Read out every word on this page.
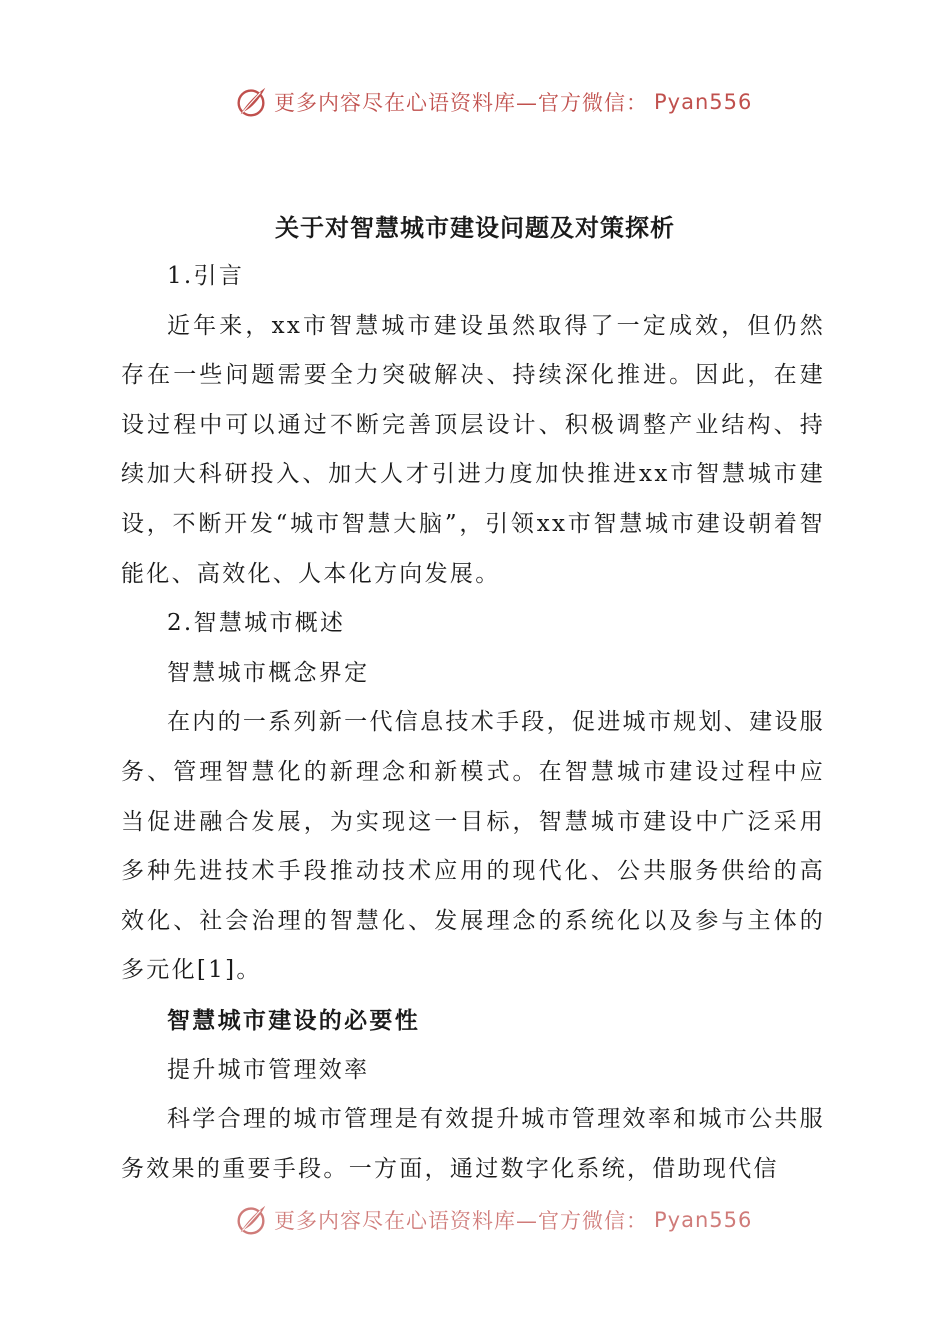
更多内容尽在心语资料库—官方微信： Pyan556
关于对智慧城市建设问题及对策探析

1.引言

近年来，xx市智慧城市建设虽然取得了一定成效，但仍然存在一些问题需要全力突破解决、持续深化推进。因此，在建设过程中可以通过不断完善顶层设计、积极调整产业结构、持续加大科研投入、加大人才引进力度加快推进xx市智慧城市建设，不断开发“城市智慧大脑”，引领xx市智慧城市建设朝着智能化、高效化、人本化方向发展。

2.智慧城市概述

智慧城市概念界定

在内的一系列新一代信息技术手段，促进城市规划、建设服务、管理智慧化的新理念和新模式。在智慧城市建设过程中应当促进融合发展，为实现这一目标，智慧城市建设中广泛采用多种先进技术手段推动技术应用的现代化、公共服务供给的高效化、社会治理的智慧化、发展理念的系统化以及参与主体的多元化[1]。

智慧城市建设的必要性

提升城市管理效率

科学合理的城市管理是有效提升城市管理效率和城市公共服务效果的重要手段。一方面，通过数字化系统，借助现代信

更多内容尽在心语资料库—官方微信： Pyan556
